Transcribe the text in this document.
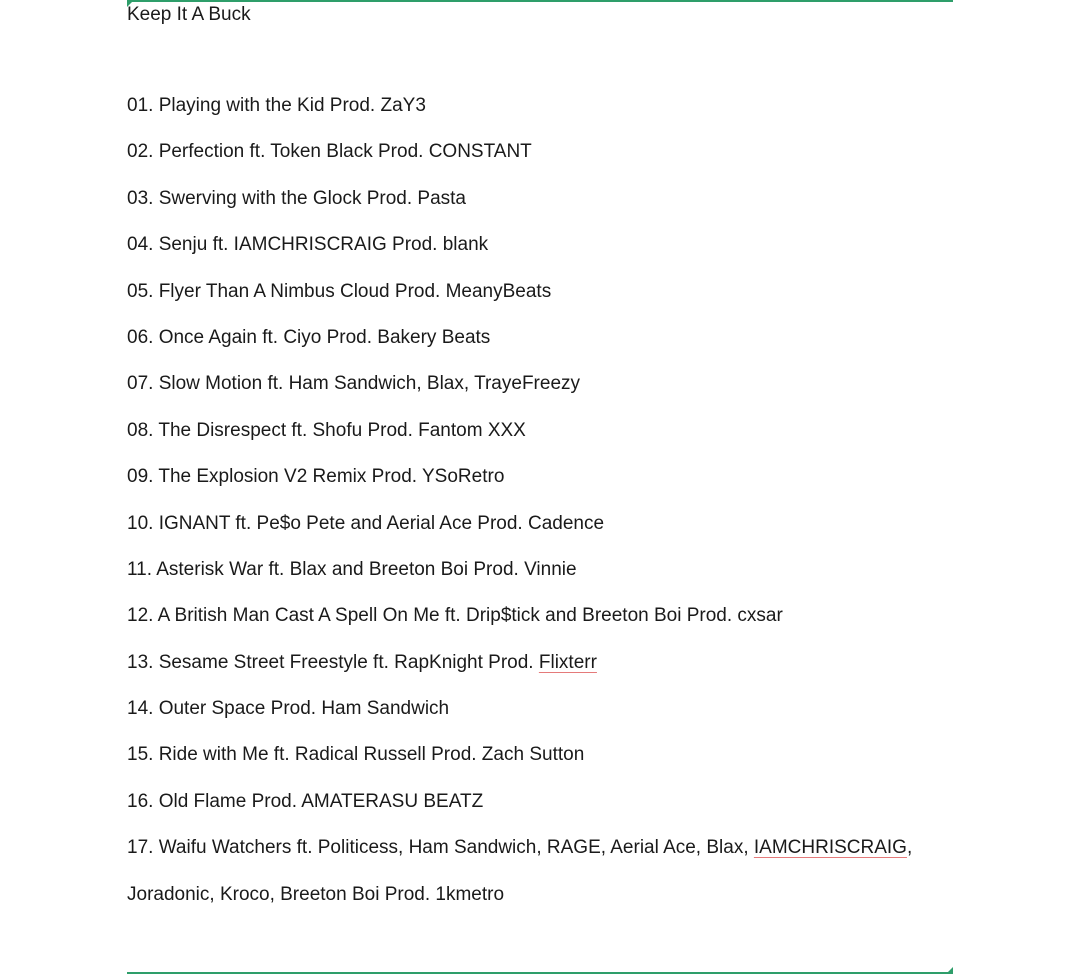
Keep It A Buck
01. Playing with the Kid Prod. ZaY3
02. Perfection ft. Token Black Prod. CONSTANT
03. Swerving with the Glock Prod. Pasta
04. Senju ft. IAMCHRISCRAIG Prod. blank
05. Flyer Than A Nimbus Cloud Prod. MeanyBeats
06. Once Again ft. Ciyo Prod. Bakery Beats
07. Slow Motion ft. Ham Sandwich, Blax, TrayeFreezy
08. The Disrespect ft. Shofu Prod. Fantom XXX
09. The Explosion V2 Remix Prod. YSoRetro
10. IGNANT ft. Pe$o Pete and Aerial Ace Prod. Cadence
11. Asterisk War ft. Blax and Breeton Boi Prod. Vinnie
12. A British Man Cast A Spell On Me ft. Drip$tick and Breeton Boi Prod. cxsar
13. Sesame Street Freestyle ft. RapKnight Prod. Flixterr
14. Outer Space Prod. Ham Sandwich
15. Ride with Me ft. Radical Russell Prod. Zach Sutton
16. Old Flame Prod. AMATERASU BEATZ
17. Waifu Watchers ft. Politicess, Ham Sandwich, RAGE, Aerial Ace, Blax, IAMCHRISCRAIG,
Joradonic, Kroco, Breeton Boi Prod. 1kmetro
